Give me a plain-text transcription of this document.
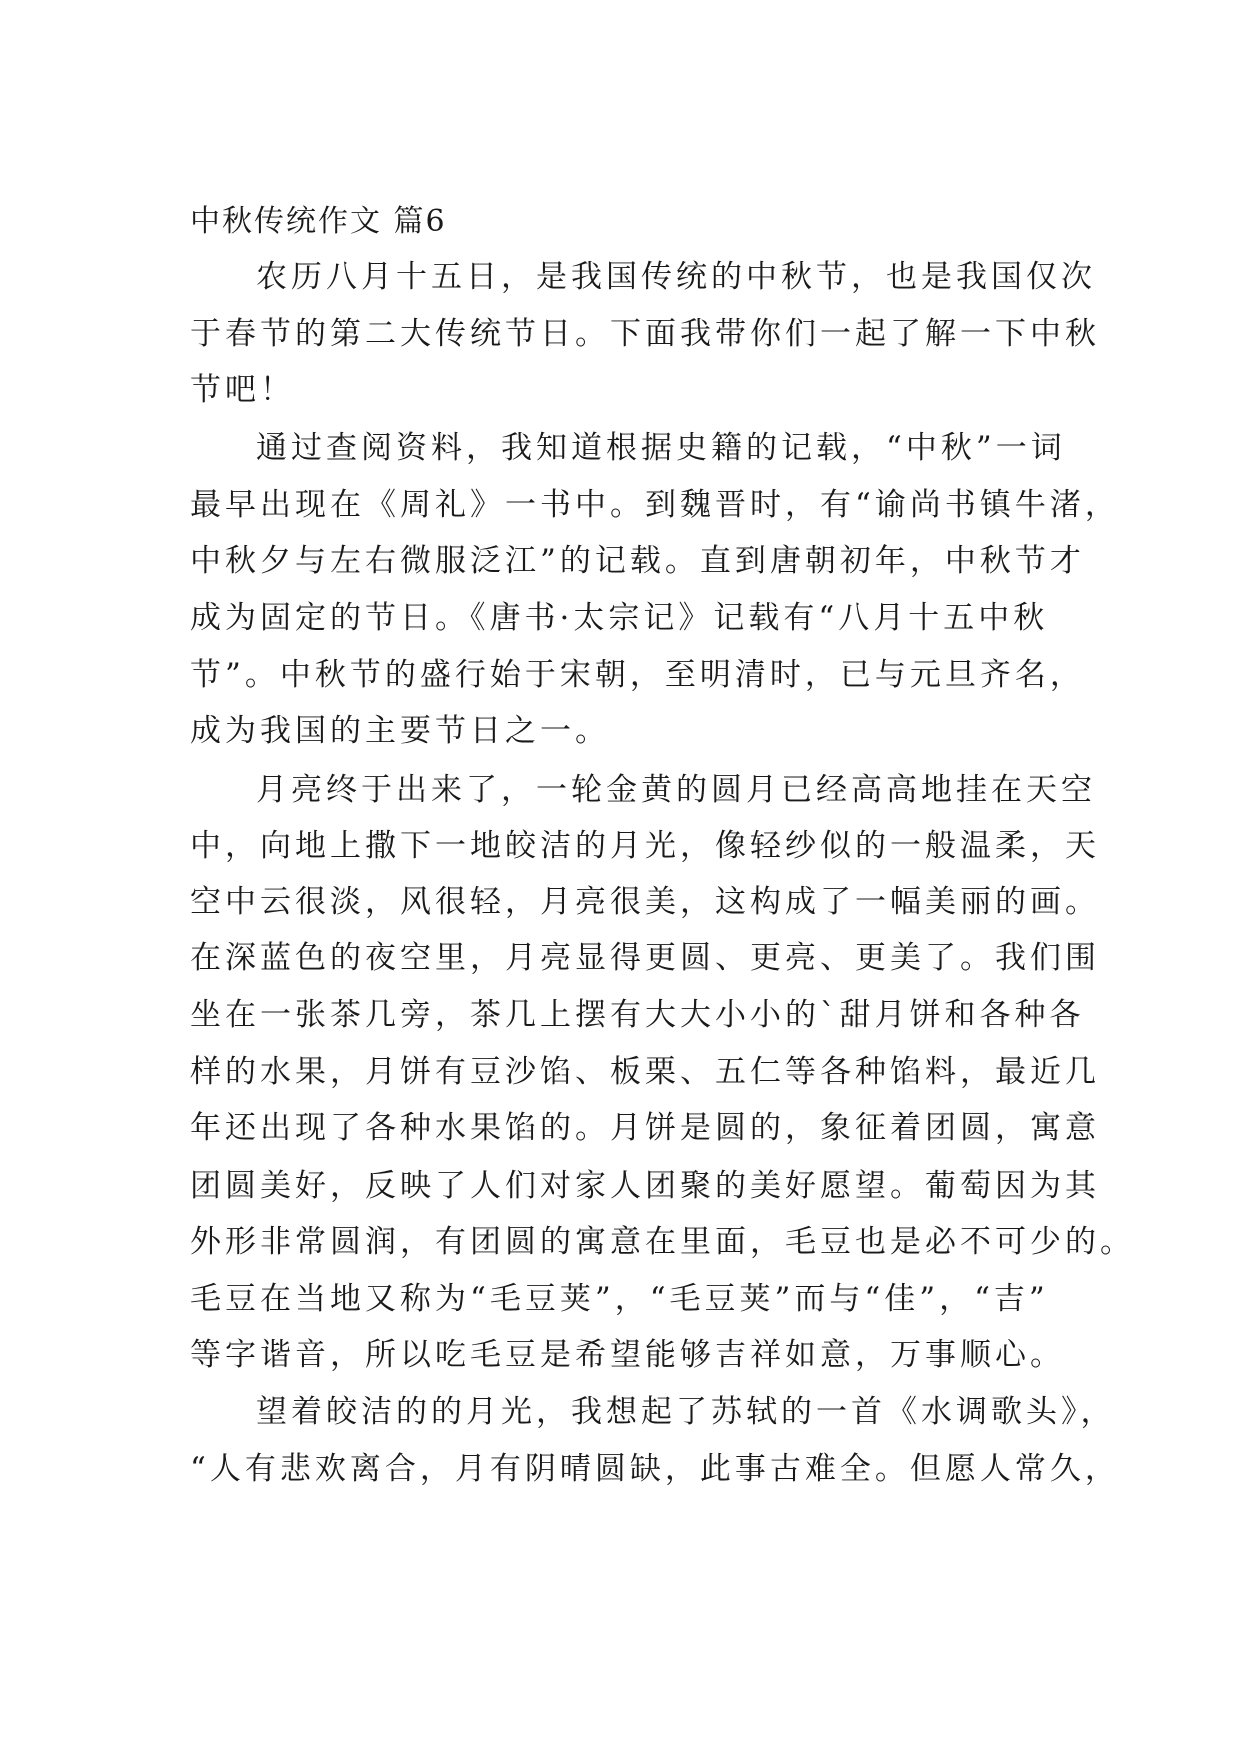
中秋传统作文 篇6
农历八月十五日，是我国传统的中秋节，也是我国仅次
于春节的第二大传统节日。下面我带你们一起了解一下中秋
节吧！
通过查阅资料，我知道根据史籍的记载，“中秋”一词
最早出现在《周礼》一书中。到魏晋时，有“谕尚书镇牛渚，
中秋夕与左右微服泛江”的记载。直到唐朝初年，中秋节才
成为固定的节日。《唐书·太宗记》记载有“八月十五中秋
节”。中秋节的盛行始于宋朝，至明清时，已与元旦齐名，
成为我国的主要节日之一。
月亮终于出来了，一轮金黄的圆月已经高高地挂在天空
中，向地上撒下一地皎洁的月光，像轻纱似的一般温柔，天
空中云很淡，风很轻，月亮很美，这构成了一幅美丽的画。
在深蓝色的夜空里，月亮显得更圆、更亮、更美了。我们围
坐在一张茶几旁，茶几上摆有大大小小的`甜月饼和各种各
样的水果，月饼有豆沙馅、板栗、五仁等各种馅料，最近几
年还出现了各种水果馅的。月饼是圆的，象征着团圆，寓意
团圆美好，反映了人们对家人团聚的美好愿望。葡萄因为其
外形非常圆润，有团圆的寓意在里面，毛豆也是必不可少的。
毛豆在当地又称为“毛豆荚”，“毛豆荚”而与“佳”，“吉”
等字谐音，所以吃毛豆是希望能够吉祥如意，万事顺心。
望着皎洁的的月光，我想起了苏轼的一首《水调歌头》，
“人有悲欢离合，月有阴晴圆缺，此事古难全。但愿人常久，
